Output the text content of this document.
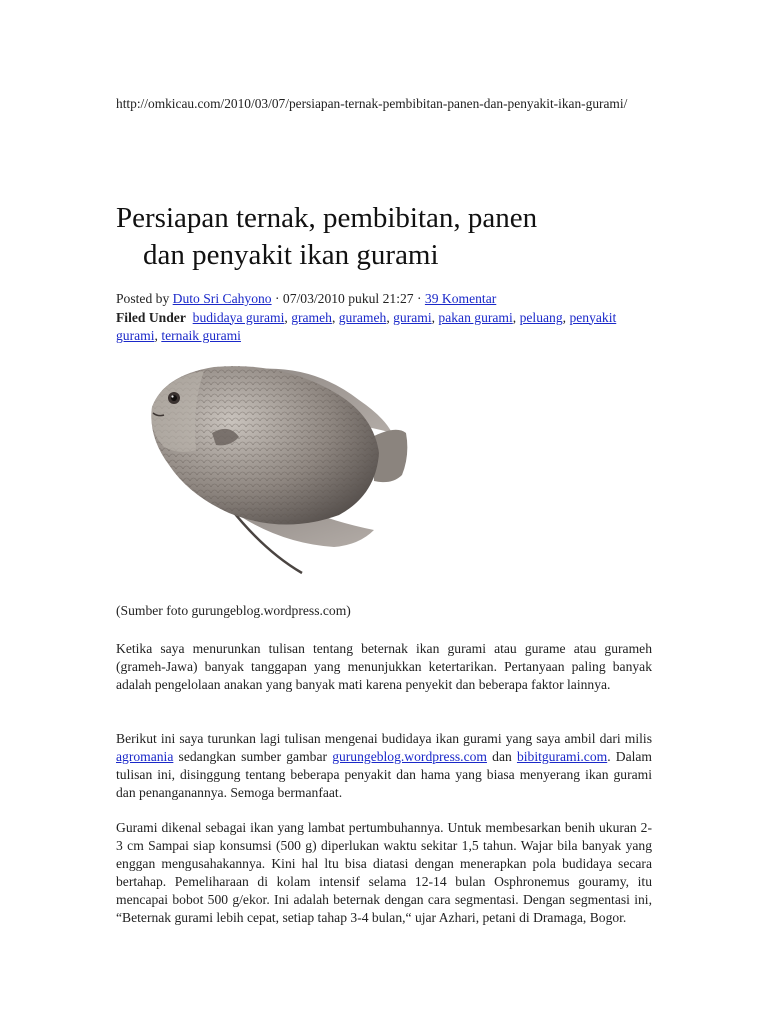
http://omkicau.com/2010/03/07/persiapan-ternak-pembibitan-panen-dan-penyakit-ikan-gurami/
Persiapan ternak, pembibitan, panen
dan penyakit ikan gurami
Posted by Duto Sri Cahyono · 07/03/2010 pukul 21:27 · 39 Komentar
Filed Under budidaya gurami, grameh, gurameh, gurami, pakan gurami, peluang, penyakit gurami, ternaik gurami
(Sumber foto gurungeblog.wordpress.com)

Ketika saya menurunkan tulisan tentang beternak ikan gurami atau gurame atau gurameh (grameh-Jawa) banyak tanggapan yang menunjukkan ketertarikan. Pertanyaan paling banyak adalah pengelolaan anakan yang banyak mati karena penyekit dan beberapa faktor lainnya.

Berikut ini saya turunkan lagi tulisan mengenai budidaya ikan gurami yang saya ambil dari milis agromania sedangkan sumber gambar gurungeblog.wordpress.com dan bibitgurami.com. Dalam tulisan ini, disinggung tentang beberapa penyakit dan hama yang biasa menyerang ikan gurami dan penanganannya. Semoga bermanfaat.

Gurami dikenal sebagai ikan yang lambat pertumbuhannya. Untuk membesarkan benih ukuran 2-3 cm Sampai siap konsumsi (500 g) diperlukan waktu sekitar 1,5 tahun. Wajar bila banyak yang enggan mengusahakannya. Kini hal ltu bisa diatasi dengan menerapkan pola budidaya secara bertahap. Pemeliharaan di kolam intensif selama 12-14 bulan Osphronemus gouramy, itu mencapai bobot 500 g/ekor. Ini adalah beternak dengan cara segmentasi. Dengan segmentasi ini, “Beternak gurami lebih cepat, setiap tahap 3-4 bulan,“ ujar Azhari, petani di Dramaga, Bogor.
